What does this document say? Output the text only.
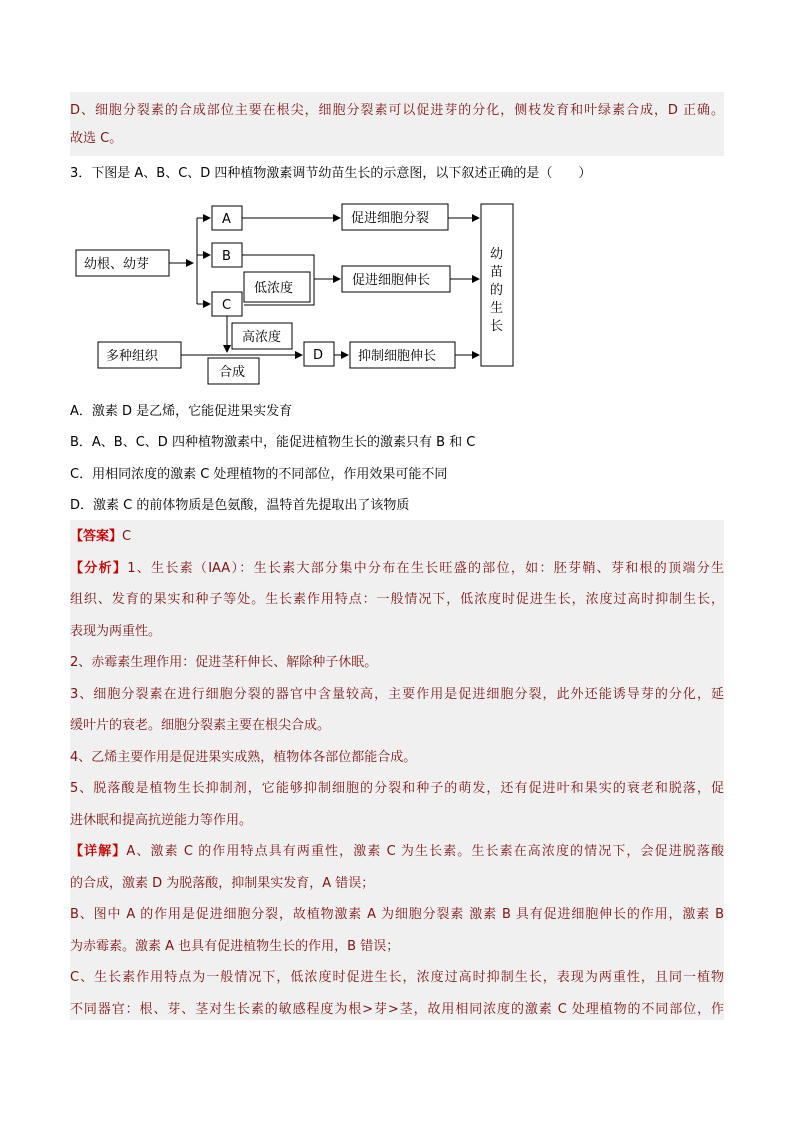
D、细胞分裂素的合成部位主要在根尖，细胞分裂素可以促进芽的分化，侧枝发育和叶绿素合成，D 正确。
故选 C。
3．下图是 A、B、C、D 四种植物激素调节幼苗生长的示意图，以下叙述正确的是（　　）
幼根、幼芽
A
B
C
低浓度
促进细胞分裂
促进细胞伸长
高浓度
多种组织
合成
D	抑制细胞伸长
幼
苗
的
生
长
A．激素 D 是乙烯，它能促进果实发育
B．A、B、C、D 四种植物激素中，能促进植物生长的激素只有 B 和 C
C．用相同浓度的激素 C 处理植物的不同部位，作用效果可能不同
D．激素 C 的前体物质是色氨酸，温特首先提取出了该物质
【答案】C
【分析】1、生长素（IAA）：生长素大部分集中分布在生长旺盛的部位，如：胚芽鞘、芽和根的顶端分生
组织、发育的果实和种子等处。生长素作用特点：一般情况下，低浓度时促进生长，浓度过高时抑制生长，
表现为两重性。
2、赤霉素生理作用：促进茎秆伸长、解除种子休眠。
3、细胞分裂素在进行细胞分裂的器官中含量较高，主要作用是促进细胞分裂，此外还能诱导芽的分化，延
缓叶片的衰老。细胞分裂素主要在根尖合成。
4、乙烯主要作用是促进果实成熟，植物体各部位都能合成。
5、脱落酸是植物生长抑制剂，它能够抑制细胞的分裂和种子的萌发，还有促进叶和果实的衰老和脱落，促
进休眠和提高抗逆能力等作用。
【详解】A、激素 C 的作用特点具有两重性，激素 C 为生长素。生长素在高浓度的情况下，会促进脱落酸
的合成，激素 D 为脱落酸，抑制果实发育，A 错误；
B、图中 A 的作用是促进细胞分裂，故植物激素 A 为细胞分裂素 激素 B 具有促进细胞伸长的作用，激素 B
为赤霉素。激素 A 也具有促进植物生长的作用，B 错误；
C、生长素作用特点为一般情况下，低浓度时促进生长，浓度过高时抑制生长，表现为两重性，且同一植物
不同器官：根、芽、茎对生长素的敏感程度为根>芽>茎，故用相同浓度的激素 C 处理植物的不同部位，作
